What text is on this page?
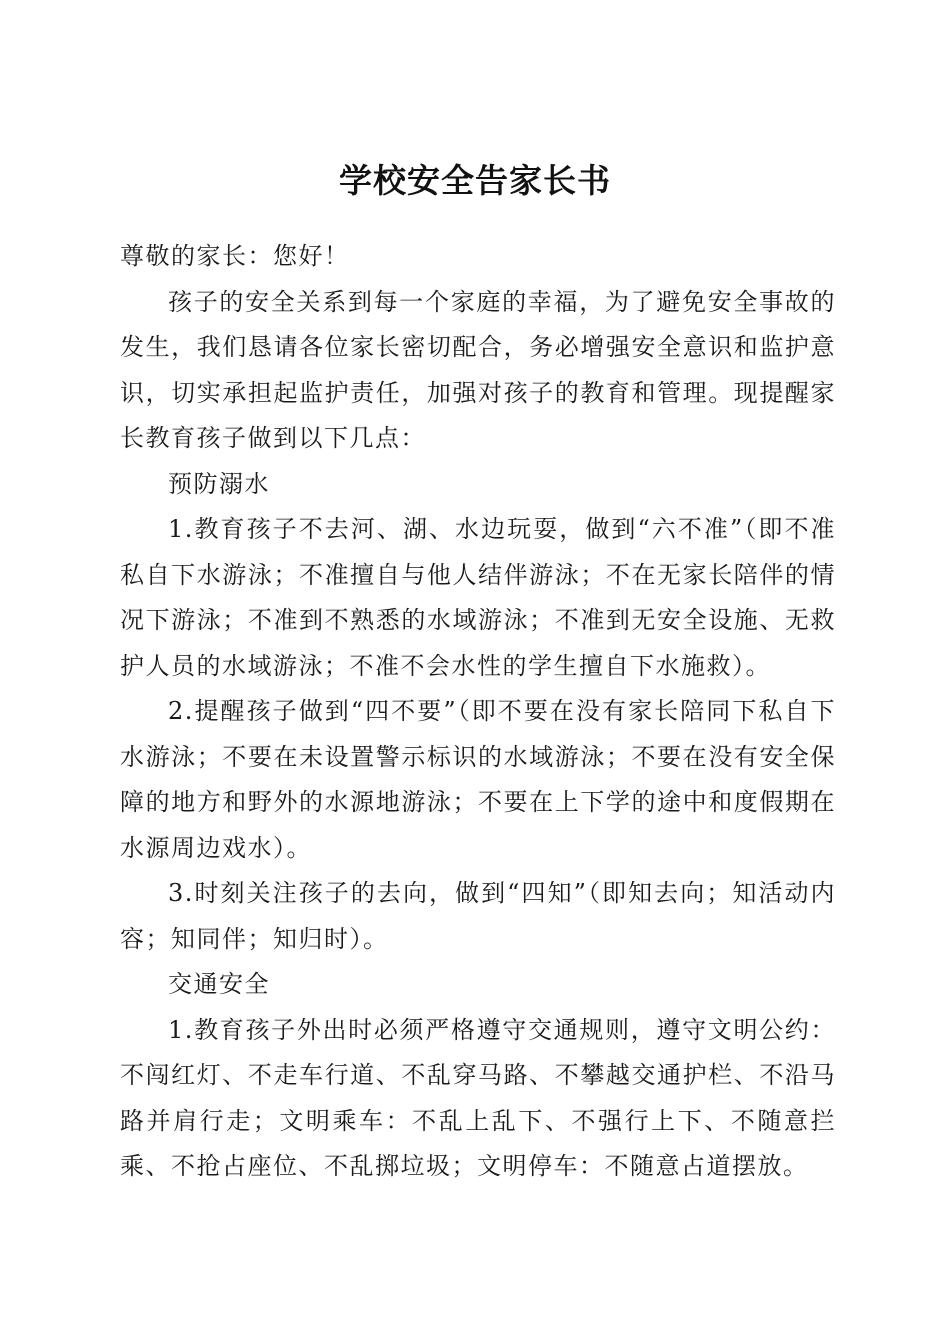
学校安全告家长书

尊敬的家长：您好！

孩子的安全关系到每一个家庭的幸福，为了避免安全事故的发生，我们恳请各位家长密切配合，务必增强安全意识和监护意识，切实承担起监护责任，加强对孩子的教育和管理。现提醒家长教育孩子做到以下几点：

预防溺水

1.教育孩子不去河、湖、水边玩耍，做到“六不准”（即不准私自下水游泳；不准擅自与他人结伴游泳；不在无家长陪伴的情况下游泳；不准到不熟悉的水域游泳；不准到无安全设施、无救护人员的水域游泳；不准不会水性的学生擅自下水施救）。

2.提醒孩子做到“四不要”（即不要在没有家长陪同下私自下水游泳；不要在未设置警示标识的水域游泳；不要在没有安全保障的地方和野外的水源地游泳；不要在上下学的途中和度假期在水源周边戏水）。

3.时刻关注孩子的去向，做到“四知”（即知去向；知活动内容；知同伴；知归时）。

交通安全

1.教育孩子外出时必须严格遵守交通规则，遵守文明公约：不闯红灯、不走车行道、不乱穿马路、不攀越交通护栏、不沿马路并肩行走；文明乘车：不乱上乱下、不强行上下、不随意拦乘、不抢占座位、不乱掷垃圾；文明停车：不随意占道摆放。
